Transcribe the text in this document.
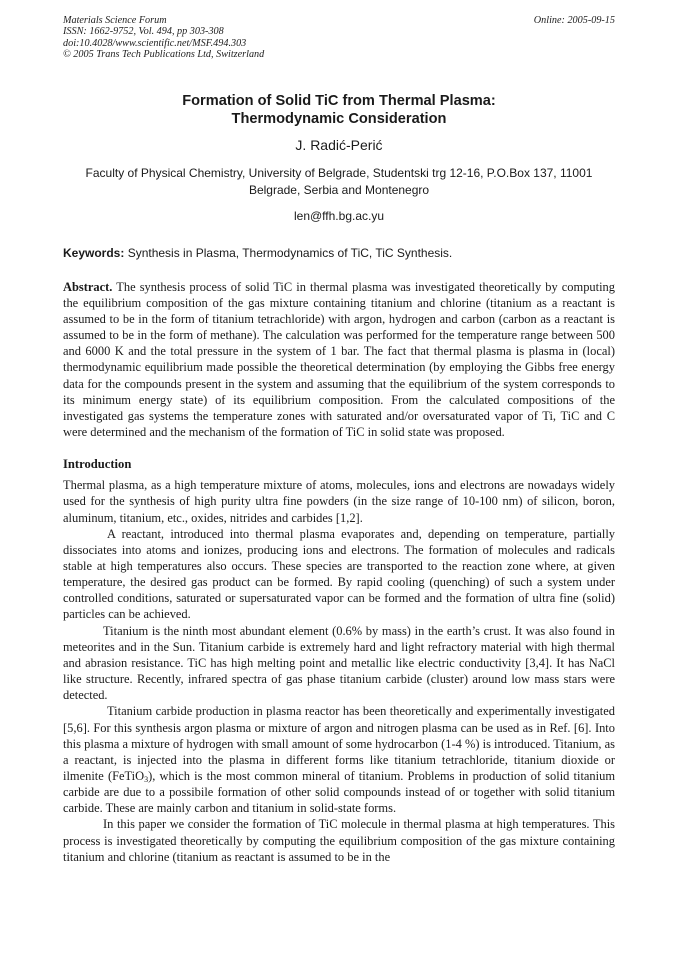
Materials Science Forum
ISSN: 1662-9752, Vol. 494, pp 303-308
doi:10.4028/www.scientific.net/MSF.494.303
© 2005 Trans Tech Publications Ltd, Switzerland
Online: 2005-09-15
Formation of Solid TiC from Thermal Plasma:
Thermodynamic Consideration
J. Radić-Perić
Faculty of Physical Chemistry, University of Belgrade, Studentski trg 12-16, P.O.Box 137, 11001 Belgrade, Serbia and Montenegro
len@ffh.bg.ac.yu
Keywords: Synthesis in Plasma, Thermodynamics of TiC, TiC Synthesis.
Abstract. The synthesis process of solid TiC in thermal plasma was investigated theoretically by computing the equilibrium composition of the gas mixture containing titanium and chlorine (titanium as a reactant is assumed to be in the form of titanium tetrachloride) with argon, hydrogen and carbon (carbon as a reactant is assumed to be in the form of methane). The calculation was performed for the temperature range between 500 and 6000 K and the total pressure in the system of 1 bar. The fact that thermal plasma is plasma in (local) thermodynamic equilibrium made possible the theoretical determination (by employing the Gibbs free energy data for the compounds present in the system and assuming that the equilibrium of the system corresponds to its minimum energy state) of its equilibrium composition. From the calculated compositions of the investigated gas systems the temperature zones with saturated and/or oversaturated vapor of Ti, TiC and C were determined and the mechanism of the formation of TiC in solid state was proposed.
Introduction

Thermal plasma, as a high temperature mixture of atoms, molecules, ions and electrons are nowadays widely used for the synthesis of high purity ultra fine powders (in the size range of 10-100 nm) of silicon, boron, aluminum, titanium, etc., oxides, nitrides and carbides [1,2].

A reactant, introduced into thermal plasma evaporates and, depending on temperature, partially dissociates into atoms and ionizes, producing ions and electrons. The formation of molecules and radicals stable at high temperatures also occurs. These species are transported to the reaction zone where, at given temperature, the desired gas product can be formed. By rapid cooling (quenching) of such a system under controlled conditions, saturated or supersaturated vapor can be formed and the formation of ultra fine (solid) particles can be achieved.

Titanium is the ninth most abundant element (0.6% by mass) in the earth’s crust. It was also found in meteorites and in the Sun. Titanium carbide is extremely hard and light refractory material with high thermal and abrasion resistance. TiC has high melting point and metallic like electric conductivity [3,4]. It has NaCl like structure. Recently, infrared spectra of gas phase titanium carbide (cluster) around low mass stars were detected.

Titanium carbide production in plasma reactor has been theoretically and experimentally investigated [5,6]. For this synthesis argon plasma or mixture of argon and nitrogen plasma can be used as in Ref. [6]. Into this plasma a mixture of hydrogen with small amount of some hydrocarbon (1-4 %) is introduced. Titanium, as a reactant, is injected into the plasma in different forms like titanium tetrachloride, titanium dioxide or ilmenite (FeTiO$_3$), which is the most common mineral of titanium. Problems in production of solid titanium carbide are due to a possibile formation of other solid compounds instead of or together with solid titanium carbide. These are mainly carbon and titanium in solid-state forms.

In this paper we consider the formation of TiC molecule in thermal plasma at high temperatures. This process is investigated theoretically by computing the equilibrium composition of the gas mixture containing titanium and chlorine (titanium as reactant is assumed to be in the
